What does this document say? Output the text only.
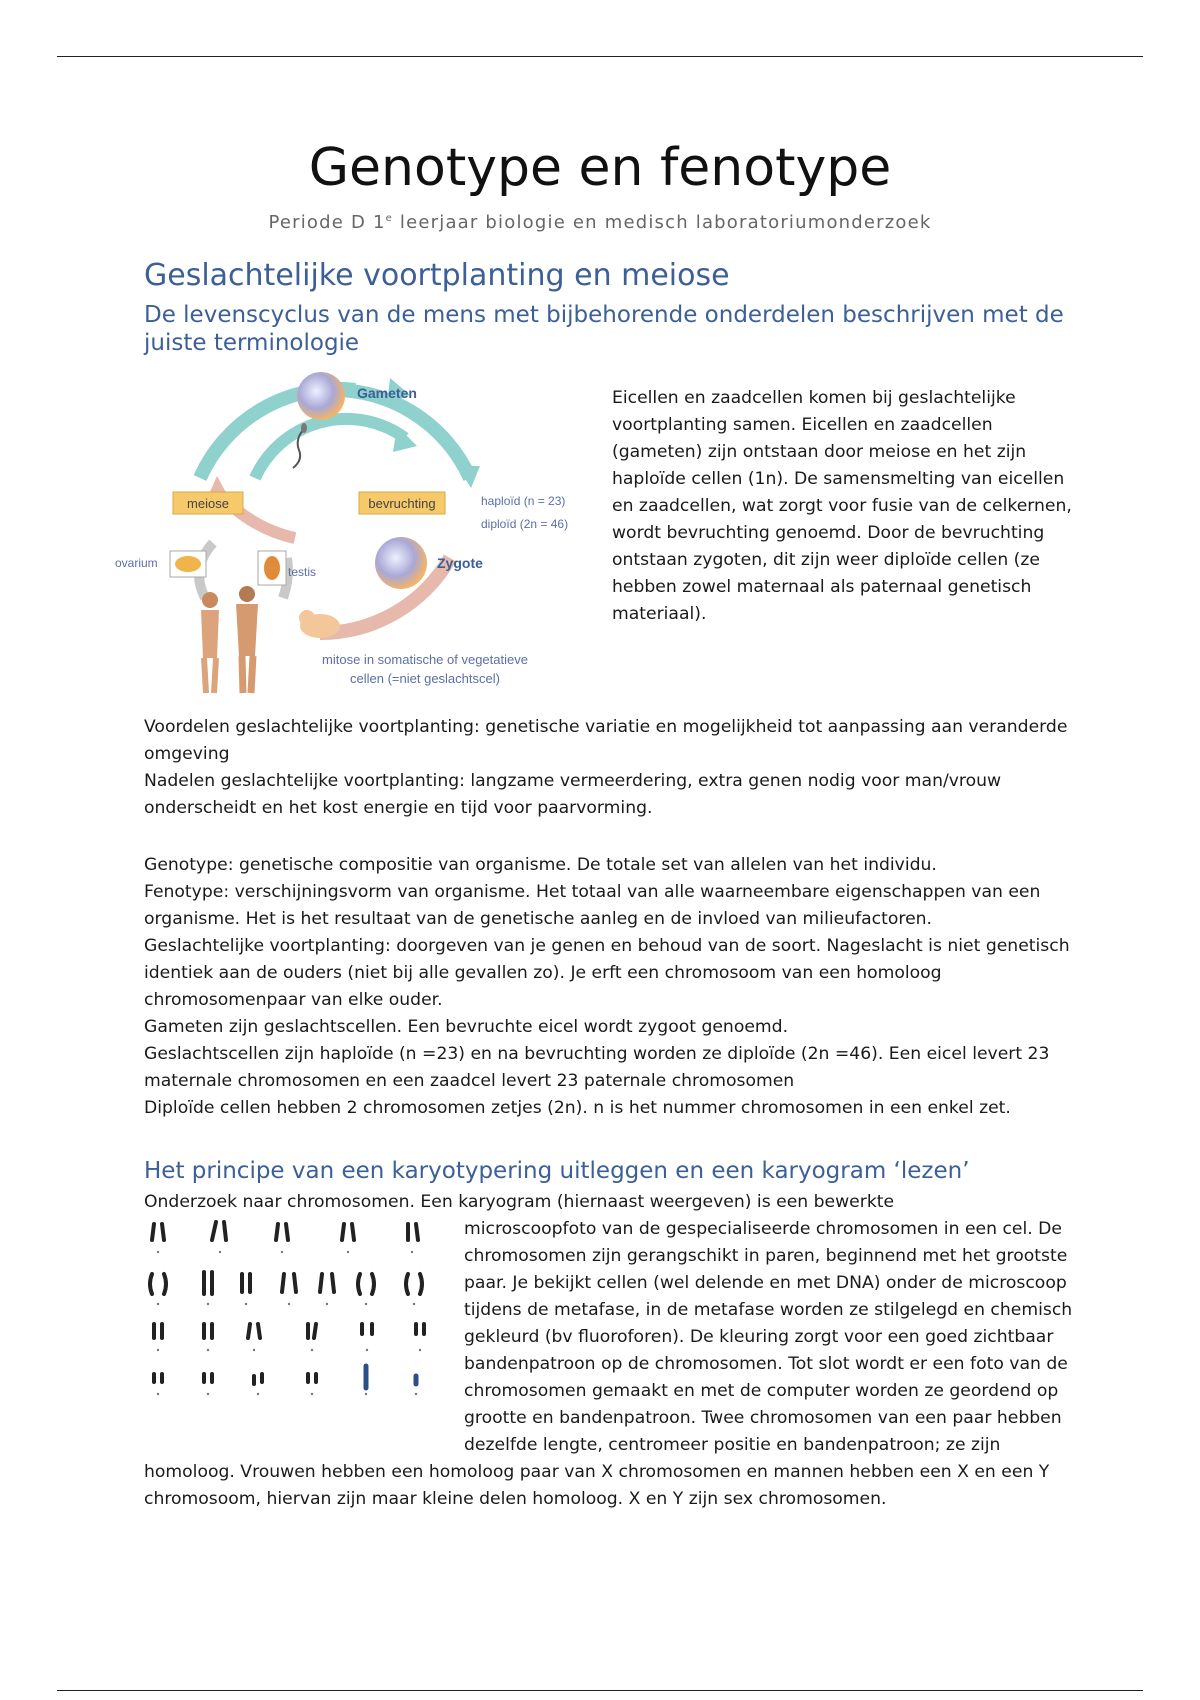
Genotype en fenotype
Periode D 1e leerjaar biologie en medisch laboratoriumonderzoek
Geslachtelijke voortplanting en meiose
De levenscyclus van de mens met bijbehorende onderdelen beschrijven met de juiste terminologie
Gameten
meiose	bevruchting	haploïd (n = 23)
diploïd (2n = 46)
Zygote
ovarium
testis
mitose in somatische of vegetatieve
cellen (=niet geslachtscel)
Eicellen en zaadcellen komen bij geslachtelijke voortplanting samen. Eicellen en zaadcellen (gameten) zijn ontstaan door meiose en het zijn haploïde cellen (1n). De samensmelting van eicellen en zaadcellen, wat zorgt voor fusie van de celkernen, wordt bevruchting genoemd. Door de bevruchting ontstaan zygoten, dit zijn weer diploïde cellen (ze hebben zowel maternaal als paternaal genetisch materiaal).

Voordelen geslachtelijke voortplanting: genetische variatie en mogelijkheid tot aanpassing aan veranderde omgeving

Nadelen geslachtelijke voortplanting: langzame vermeerdering, extra genen nodig voor man/vrouw onderscheidt en het kost energie en tijd voor paarvorming.

Genotype: genetische compositie van organisme. De totale set van allelen van het individu.

Fenotype: verschijningsvorm van organisme. Het totaal van alle waarneembare eigenschappen van een organisme. Het is het resultaat van de genetische aanleg en de invloed van milieufactoren.

Geslachtelijke voortplanting: doorgeven van je genen en behoud van de soort. Nageslacht is niet genetisch identiek aan de ouders (niet bij alle gevallen zo). Je erft een chromosoom van een homoloog chromosomenpaar van elke ouder.

Gameten zijn geslachtscellen. Een bevruchte eicel wordt zygoot genoemd.

Geslachtscellen zijn haploïde (n =23) en na bevruchting worden ze diploïde (2n =46). Een eicel levert 23 maternale chromosomen en een zaadcel levert 23 paternale chromosomen

Diploïde cellen hebben 2 chromosomen zetjes (2n). n is het nummer chromosomen in een enkel zet.

Het principe van een karyotypering uitleggen en een karyogram ‘lezen’

Onderzoek naar chromosomen. Een karyogram (hiernaast weergeven) is een bewerkte

microscoopfoto van de gespecialiseerde chromosomen in een cel. De chromosomen zijn gerangschikt in paren, beginnend met het grootste paar. Je bekijkt cellen (wel delende en met DNA) onder de microscoop tijdens de metafase, in de metafase worden ze stilgelegd en chemisch gekleurd (bv fluoroforen). De kleuring zorgt voor een goed zichtbaar bandenpatroon op de chromosomen. Tot slot wordt er een foto van de chromosomen gemaakt en met de computer worden ze geordend op grootte en bandenpatroon. Twee chromosomen van een paar hebben dezelfde lengte, centromeer positie en bandenpatroon; ze zijn homoloog. Vrouwen hebben een homoloog paar van X chromosomen en mannen hebben een X en een Y chromosoom, hiervan zijn maar kleine delen homoloog. X en Y zijn sex chromosomen.
